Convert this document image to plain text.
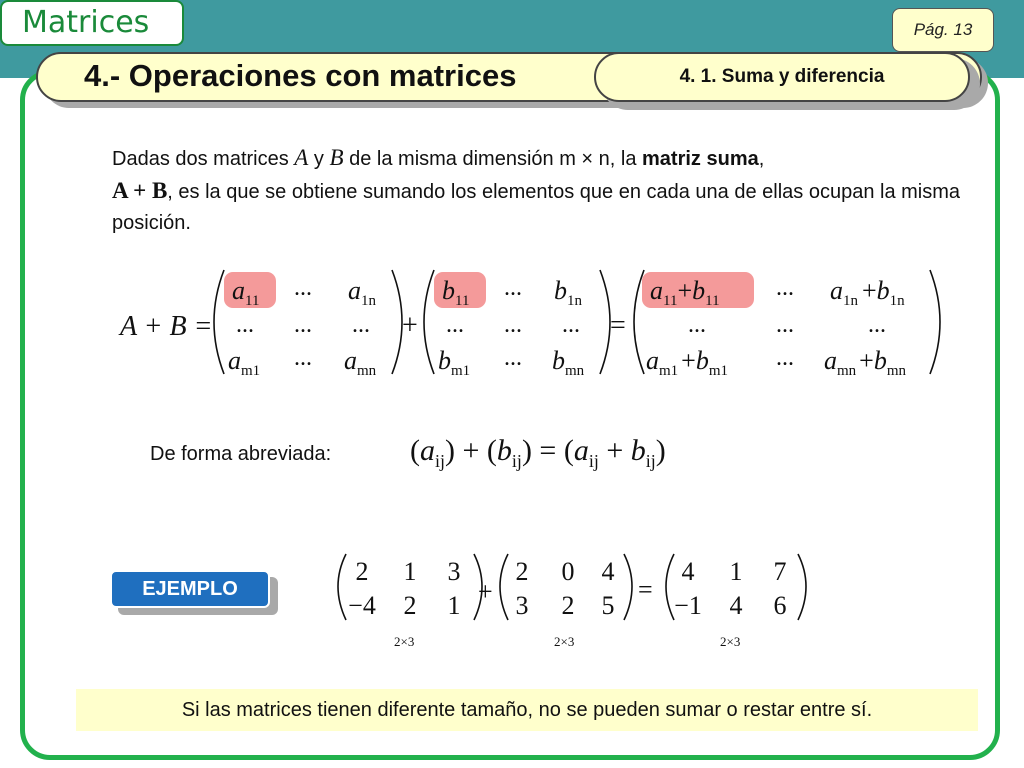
Matrices	Pág. 13
4.- Operaciones con matrices	4. 1. Suma y diferencia
Dadas dos matrices A y B de la misma dimensión m × n, la matriz suma,
A + B, es la que se obtiene sumando los elementos que en cada una de ellas ocupan la misma posición.
A + B =
$a_{11}$ ... $a_{1n}$
... ... ...
$a_{m1}$ ... $a_{mn}$
+
$b_{11}$ ... $b_{1n}$
... ... ...
$b_{m1}$ ... $b_{mn}$
=
$a_{11}+b_{11}$ ... $a_{1n} +b_{1n}$
...	...	...
$a_{m1} +b_{m1}$ ... $a_{mn} +b_{mn}$
De forma abreviada:	$(a_{ij}) + (b_{ij}) = (a_{ij} + b_{ij})$
EJEMPLO	+	=
2×3	2×3	2×3
2 1 3
−4 2 1
2 0 4
3 2 5
4 1 7
−1 4 6
Si las matrices tienen diferente tamaño, no se pueden sumar o restar entre sí.
